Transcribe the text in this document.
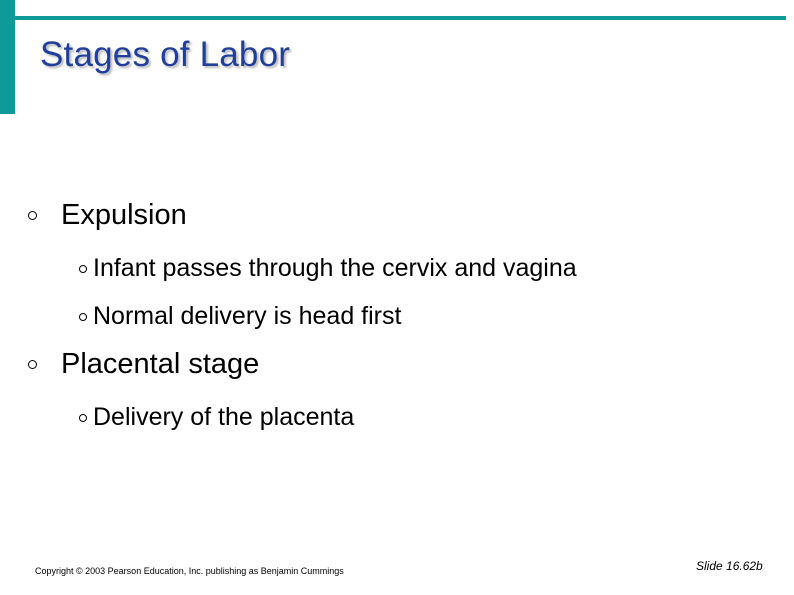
Stages of Labor
Expulsion
Infant passes through the cervix and vagina
Normal delivery is head first
Placental stage
Delivery of the placenta
Copyright © 2003 Pearson Education, Inc. publishing as Benjamin Cummings	Slide 16.62b
